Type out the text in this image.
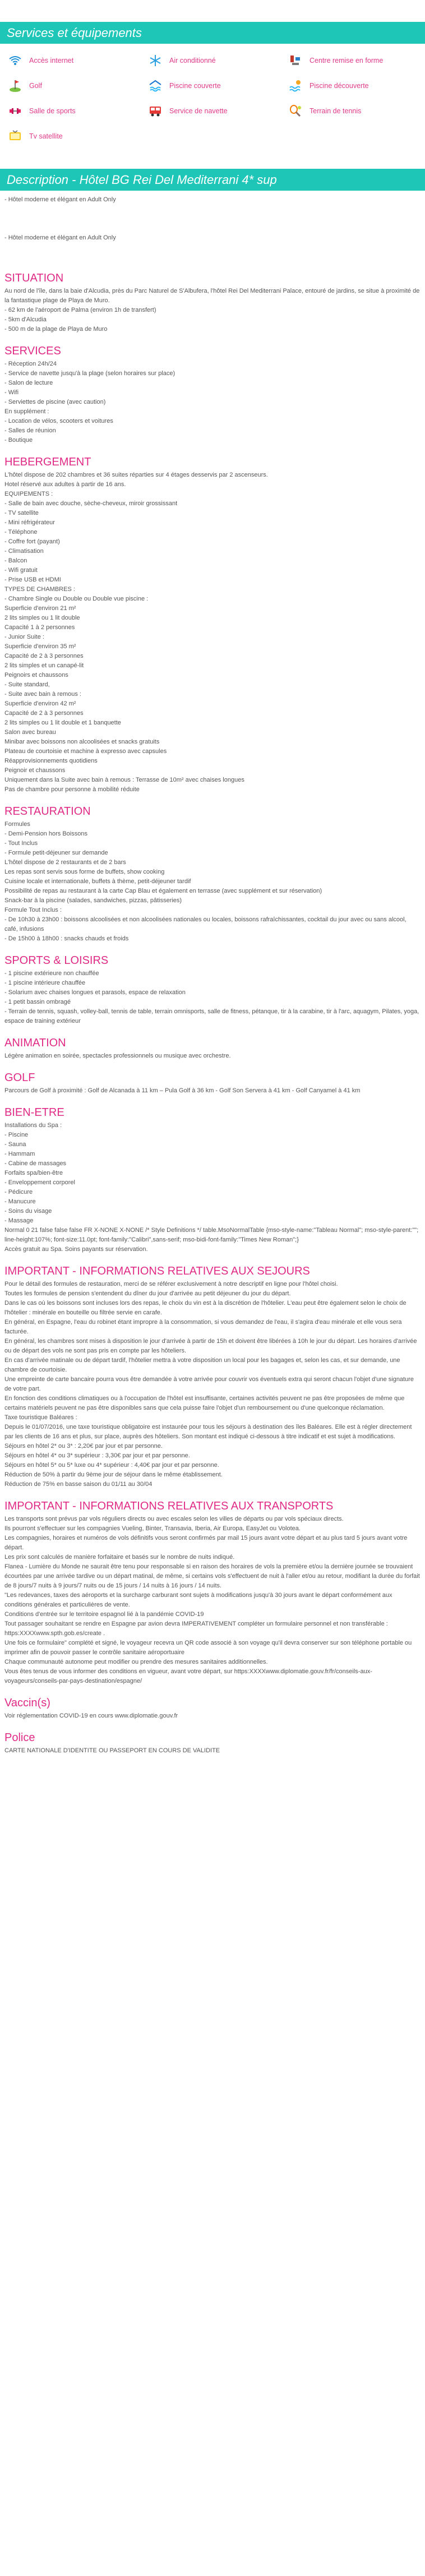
Services et équipements
Accès internet	Air conditionné	Centre remise en forme
Golf	Piscine couverte	Piscine découverte
Salle de sports	Service de navette	Terrain de tennis
Tv satellite
Description - Hôtel BG Rei Del Mediterrani 4* sup

- Hôtel moderne et élégant en Adult Only

- Hôtel moderne et élégant en Adult Only

SITUATION

Au nord de l'île, dans la baie d'Alcudia, près du Parc Naturel de S'Albufera, l'hôtel Rei Del Mediterrani Palace, entouré de jardins, se situe à proximité de la fantastique plage de Playa de Muro.

- 62 km de l'aéroport de Palma (environ 1h de transfert)

- 5km d'Alcudia

- 500 m de la plage de Playa de Muro

SERVICES

- Réception 24h/24

- Service de navette jusqu'à la plage (selon horaires sur place)

- Salon de lecture

- Wifi

- Serviettes de piscine (avec caution)

En supplément :

- Location de vélos, scooters et voitures

- Salles de réunion

- Boutique

HEBERGEMENT

L'hôtel dispose de 202 chambres et 36 suites réparties sur 4 étages desservis par 2 ascenseurs.

Hotel réservé aux adultes à partir de 16 ans.

EQUIPEMENTS :

- Salle de bain avec douche, sèche-cheveux, miroir grossissant

- TV satellite

- Mini réfrigérateur

- Téléphone

- Coffre fort (payant)

- Climatisation

- Balcon

- Wifi gratuit

- Prise USB et HDMI

TYPES DE CHAMBRES :

- Chambre Single ou Double ou Double vue piscine :

Superficie d'environ 21 m²

2 lits simples ou 1 lit double

Capacité 1 à 2 personnes

- Junior Suite :

Superficie d'environ 35 m²

Capacité de 2 à 3 personnes

2 lits simples et un canapé-lit

Peignoirs et chaussons

- Suite standard,

- Suite avec bain à remous :

Superficie d'environ 42 m²

Capacité de 2 à 3 personnes

2 lits simples ou 1 lit double et 1 banquette

Salon avec bureau

Minibar avec boissons non alcoolisées et snacks gratuits

Plateau de courtoisie et machine à expresso avec capsules

Réapprovisionnements quotidiens

Peignoir et chaussons

Uniquement dans la Suite avec bain à remous : Terrasse de 10m² avec chaises longues

Pas de chambre pour personne à mobilité réduite

RESTAURATION

Formules

- Demi-Pension hors Boissons

- Tout Inclus

- Formule petit-déjeuner sur demande

L'hôtel dispose de 2 restaurants et de 2 bars

Les repas sont servis sous forme de buffets, show cooking

Cuisine locale et internationale, buffets à thème, petit-déjeuner tardif

Possibilité de repas au restaurant à la carte Cap Blau et également en terrasse (avec supplément et sur réservation)

Snack-bar à la piscine (salades, sandwiches, pizzas, pâtisseries)

Formule Tout Inclus :

- De 10h30 à 23h00 : boissons alcoolisées et non alcoolisées nationales ou locales, boissons rafraîchissantes, cocktail du jour avec ou sans alcool, café, infusions

- De 15h00 à 18h00 : snacks chauds et froids

SPORTS & LOISIRS

- 1 piscine extérieure non chauffée

- 1 piscine intérieure chauffée

- Solarium avec chaises longues et parasols, espace de relaxation

- 1 petit bassin ombragé

- Terrain de tennis, squash, volley-ball, tennis de table, terrain omnisports, salle de fitness, pétanque, tir à la carabine, tir à l'arc, aquagym, Pilates, yoga, espace de training extérieur

ANIMATION

Légère animation en soirée, spectacles professionnels ou musique avec orchestre.

GOLF

Parcours de Golf à proximité : Golf de Alcanada à 11 km – Pula Golf à 36 km - Golf Son Servera à 41 km - Golf Canyamel à 41 km

BIEN-ETRE

Installations du Spa :

- Piscine

- Sauna

- Hammam

- Cabine de massages

Forfaits spa/bien-être

- Enveloppement corporel

- Pédicure

- Manucure

- Soins du visage

- Massage

Normal 0 21 false false false FR X-NONE X-NONE /* Style Definitions */ table.MsoNormalTable {mso-style-name:"Tableau Normal"; mso-style-parent:""; line-height:107%; font-size:11.0pt; font-family:"Calibri",sans-serif; mso-bidi-font-family:"Times New Roman";}

Accès gratuit au Spa. Soins payants sur réservation.

IMPORTANT - INFORMATIONS RELATIVES AUX SEJOURS

Pour le détail des formules de restauration, merci de se référer exclusivement à notre descriptif en ligne pour l'hôtel choisi.

Toutes les formules de pension s'entendent du dîner du jour d'arrivée au petit déjeuner du jour du départ.

Dans le cas où les boissons sont incluses lors des repas, le choix du vin est à la discrétion de l'hôtelier. L'eau peut être également selon le choix de l'hôtelier : minérale en bouteille ou filtrée servie en carafe.

En général, en Espagne, l'eau du robinet étant impropre à la consommation, si vous demandez de l'eau, il s'agira d'eau minérale et elle vous sera facturée.

En général, les chambres sont mises à disposition le jour d'arrivée à partir de 15h et doivent être libérées à 10h le jour du départ. Les horaires d'arrivée ou de départ des vols ne sont pas pris en compte par les hôteliers.

En cas d'arrivée matinale ou de départ tardif, l'hôtelier mettra à votre disposition un local pour les bagages et, selon les cas, et sur demande, une chambre de courtoisie.

Une empreinte de carte bancaire pourra vous être demandée à votre arrivée pour couvrir vos éventuels extra qui seront chacun l'objet d'une signature de votre part.

En fonction des conditions climatiques ou à l'occupation de l'hôtel est insuffisante, certaines activités peuvent ne pas être proposées de même que certains matériels peuvent ne pas être disponibles sans que cela puisse faire l'objet d'un remboursement ou d'une quelconque réclamation.

Taxe touristique Baléares :

Depuis le 01/07/2016, une taxe touristique obligatoire est instaurée pour tous les séjours à destination des îles Baléares. Elle est à régler directement par les clients de 16 ans et plus, sur place, auprès des hôteliers. Son montant est indiqué ci-dessous à titre indicatif et est sujet à modifications.

Séjours en hôtel 2* ou 3* : 2,20€ par jour et par personne.

Séjours en hôtel 4* ou 3* supérieur : 3,30€ par jour et par personne.

Séjours en hôtel 5* ou 5* luxe ou 4* supérieur : 4,40€ par jour et par personne.

Réduction de 50% à partir du 9ème jour de séjour dans le même établissement.

Réduction de 75% en basse saison du 01/11 au 30/04

IMPORTANT - INFORMATIONS RELATIVES AUX TRANSPORTS

Les transports sont prévus par vols réguliers directs ou avec escales selon les villes de départs ou par vols spéciaux directs.

Ils pourront s'effectuer sur les compagnies Vueling, Binter, Transavia, Iberia, Air Europa, EasyJet ou Volotea.

Les compagnies, horaires et numéros de vols définitifs vous seront confirmés par mail 15 jours avant votre départ et au plus tard 5 jours avant votre départ.

Les prix sont calculés de manière forfaitaire et basés sur le nombre de nuits indiqué.

Flanea - Lumière du Monde ne saurait être tenu pour responsable si en raison des horaires de vols la première et/ou la dernière journée se trouvaient écourtées par une arrivée tardive ou un départ matinal, de même, si certains vols s'effectuent de nuit à l'aller et/ou au retour, modifiant la durée du forfait de 8 jours/7 nuits à 9 jours/7 nuits ou de 15 jours / 14 nuits à 16 jours / 14 nuits.

"Les redevances, taxes des aéroports et la surcharge carburant sont sujets à modifications jusqu'à 30 jours avant le départ conformément aux conditions générales et particulières de vente.

Conditions d'entrée sur le territoire espagnol lié à la pandémie COVID-19

Tout passager souhaitant se rendre en Espagne par avion devra IMPERATIVEMENT compléter un formulaire personnel et non transférable : https:XXXXwww.spth.gob.es/create .

Une fois ce formulaire" complété et signé, le voyageur recevra un QR code associé à son voyage qu'il devra conserver sur son téléphone portable ou imprimer afin de pouvoir passer le contrôle sanitaire aéroportuaire

Chaque communauté autonome peut modifier ou prendre des mesures sanitaires additionnelles.

Vous êtes tenus de vous informer des conditions en vigueur, avant votre départ, sur https:XXXXwww.diplomatie.gouv.fr/fr/conseils-aux-voyageurs/conseils-par-pays-destination/espagne/

Vaccin(s)

Voir réglementation COVID-19 en cours www.diplomatie.gouv.fr

Police

CARTE NATIONALE D'IDENTITE OU PASSEPORT EN COURS DE VALIDITE
